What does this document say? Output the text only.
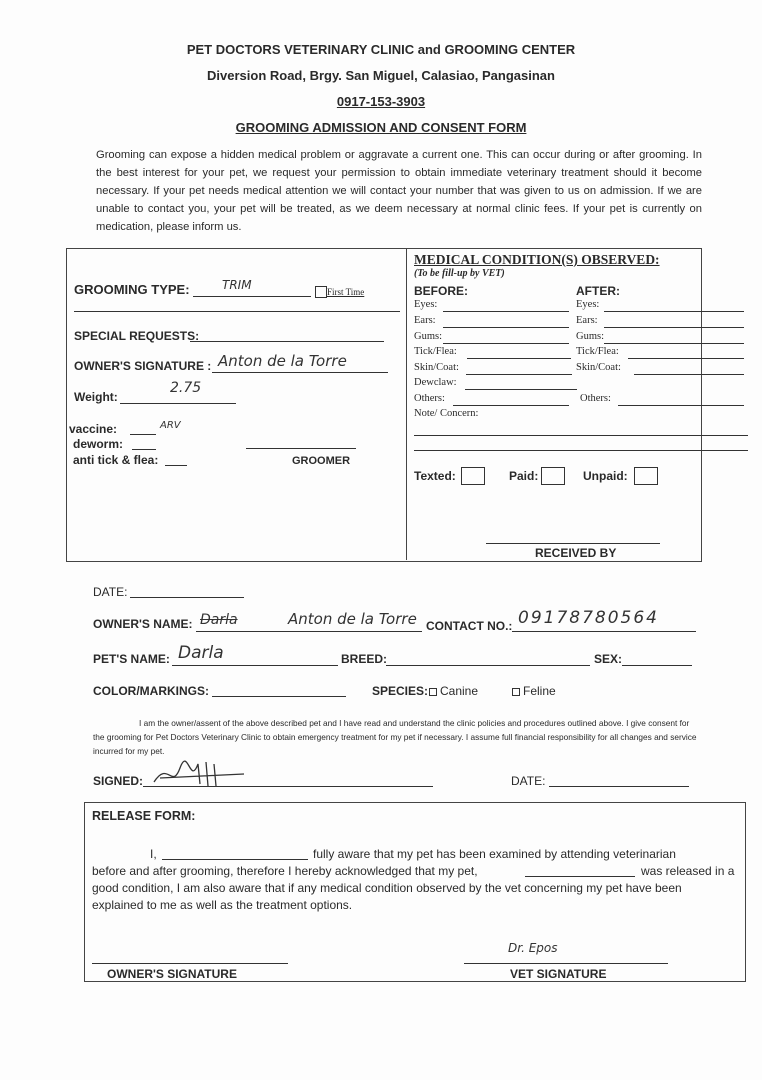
PET DOCTORS VETERINARY CLINIC and GROOMING CENTER
Diversion Road, Brgy. San Miguel, Calasiao, Pangasinan
0917-153-3903
GROOMING ADMISSION AND CONSENT FORM
Grooming can expose a hidden medical problem or aggravate a current one. This can occur during or after grooming. In the best interest for your pet, we request your permission to obtain immediate veterinary treatment should it become necessary. If your pet needs medical attention we will contact your number that was given to us on admission. If we are unable to contact you, your pet will be treated, as we deem necessary at normal clinic fees. If your pet is currently on medication, please inform us.
GROOMING TYPE:	TRIM	First Time
SPECIAL REQUESTS:
OWNER'S SIGNATURE : Anton de la Torre
Weight:
2.75
vaccine:	ARV
deworm:
anti tick & flea:	GROOMER
MEDICAL CONDITION(S) OBSERVED:
(To be fill-up by VET)
BEFORE:	AFTER:
Eyes:	Eyes:
Ears:	Ears:
Gums:	Gums:
Tick/Flea:	Tick/Flea:
Skin/Coat:	Skin/Coat:
Dewclaw:
Others:	Others:
Note/ Concern:
Texted:	Paid:	Unpaid:
RECEIVED BY
DATE:
OWNER'S NAME: Darla	Anton de la Torre CONTACT NO.: 09178780564
PET'S NAME: Darla	BREED:	SEX:
COLOR/MARKINGS:	SPECIES: Canine	Feline
I am the owner/assent of the above described pet and I have read and understand the clinic policies and procedures outlined above. I give consent for the grooming for Pet Doctors Veterinary Clinic to obtain emergency treatment for my pet if necessary. I assume full financial responsibility for all changes and service incurred for my pet.
SIGNED:	DATE:
RELEASE FORM:
I,	fully aware that my pet has been examined by attending veterinarian
before and after grooming, therefore I hereby acknowledged that my pet,	was released in a
good condition, I am also aware that if any medical condition observed by the vet concerning my pet have been
explained to me as well as the treatment options.
OWNER'S SIGNATURE
Dr. Epos
VET SIGNATURE
